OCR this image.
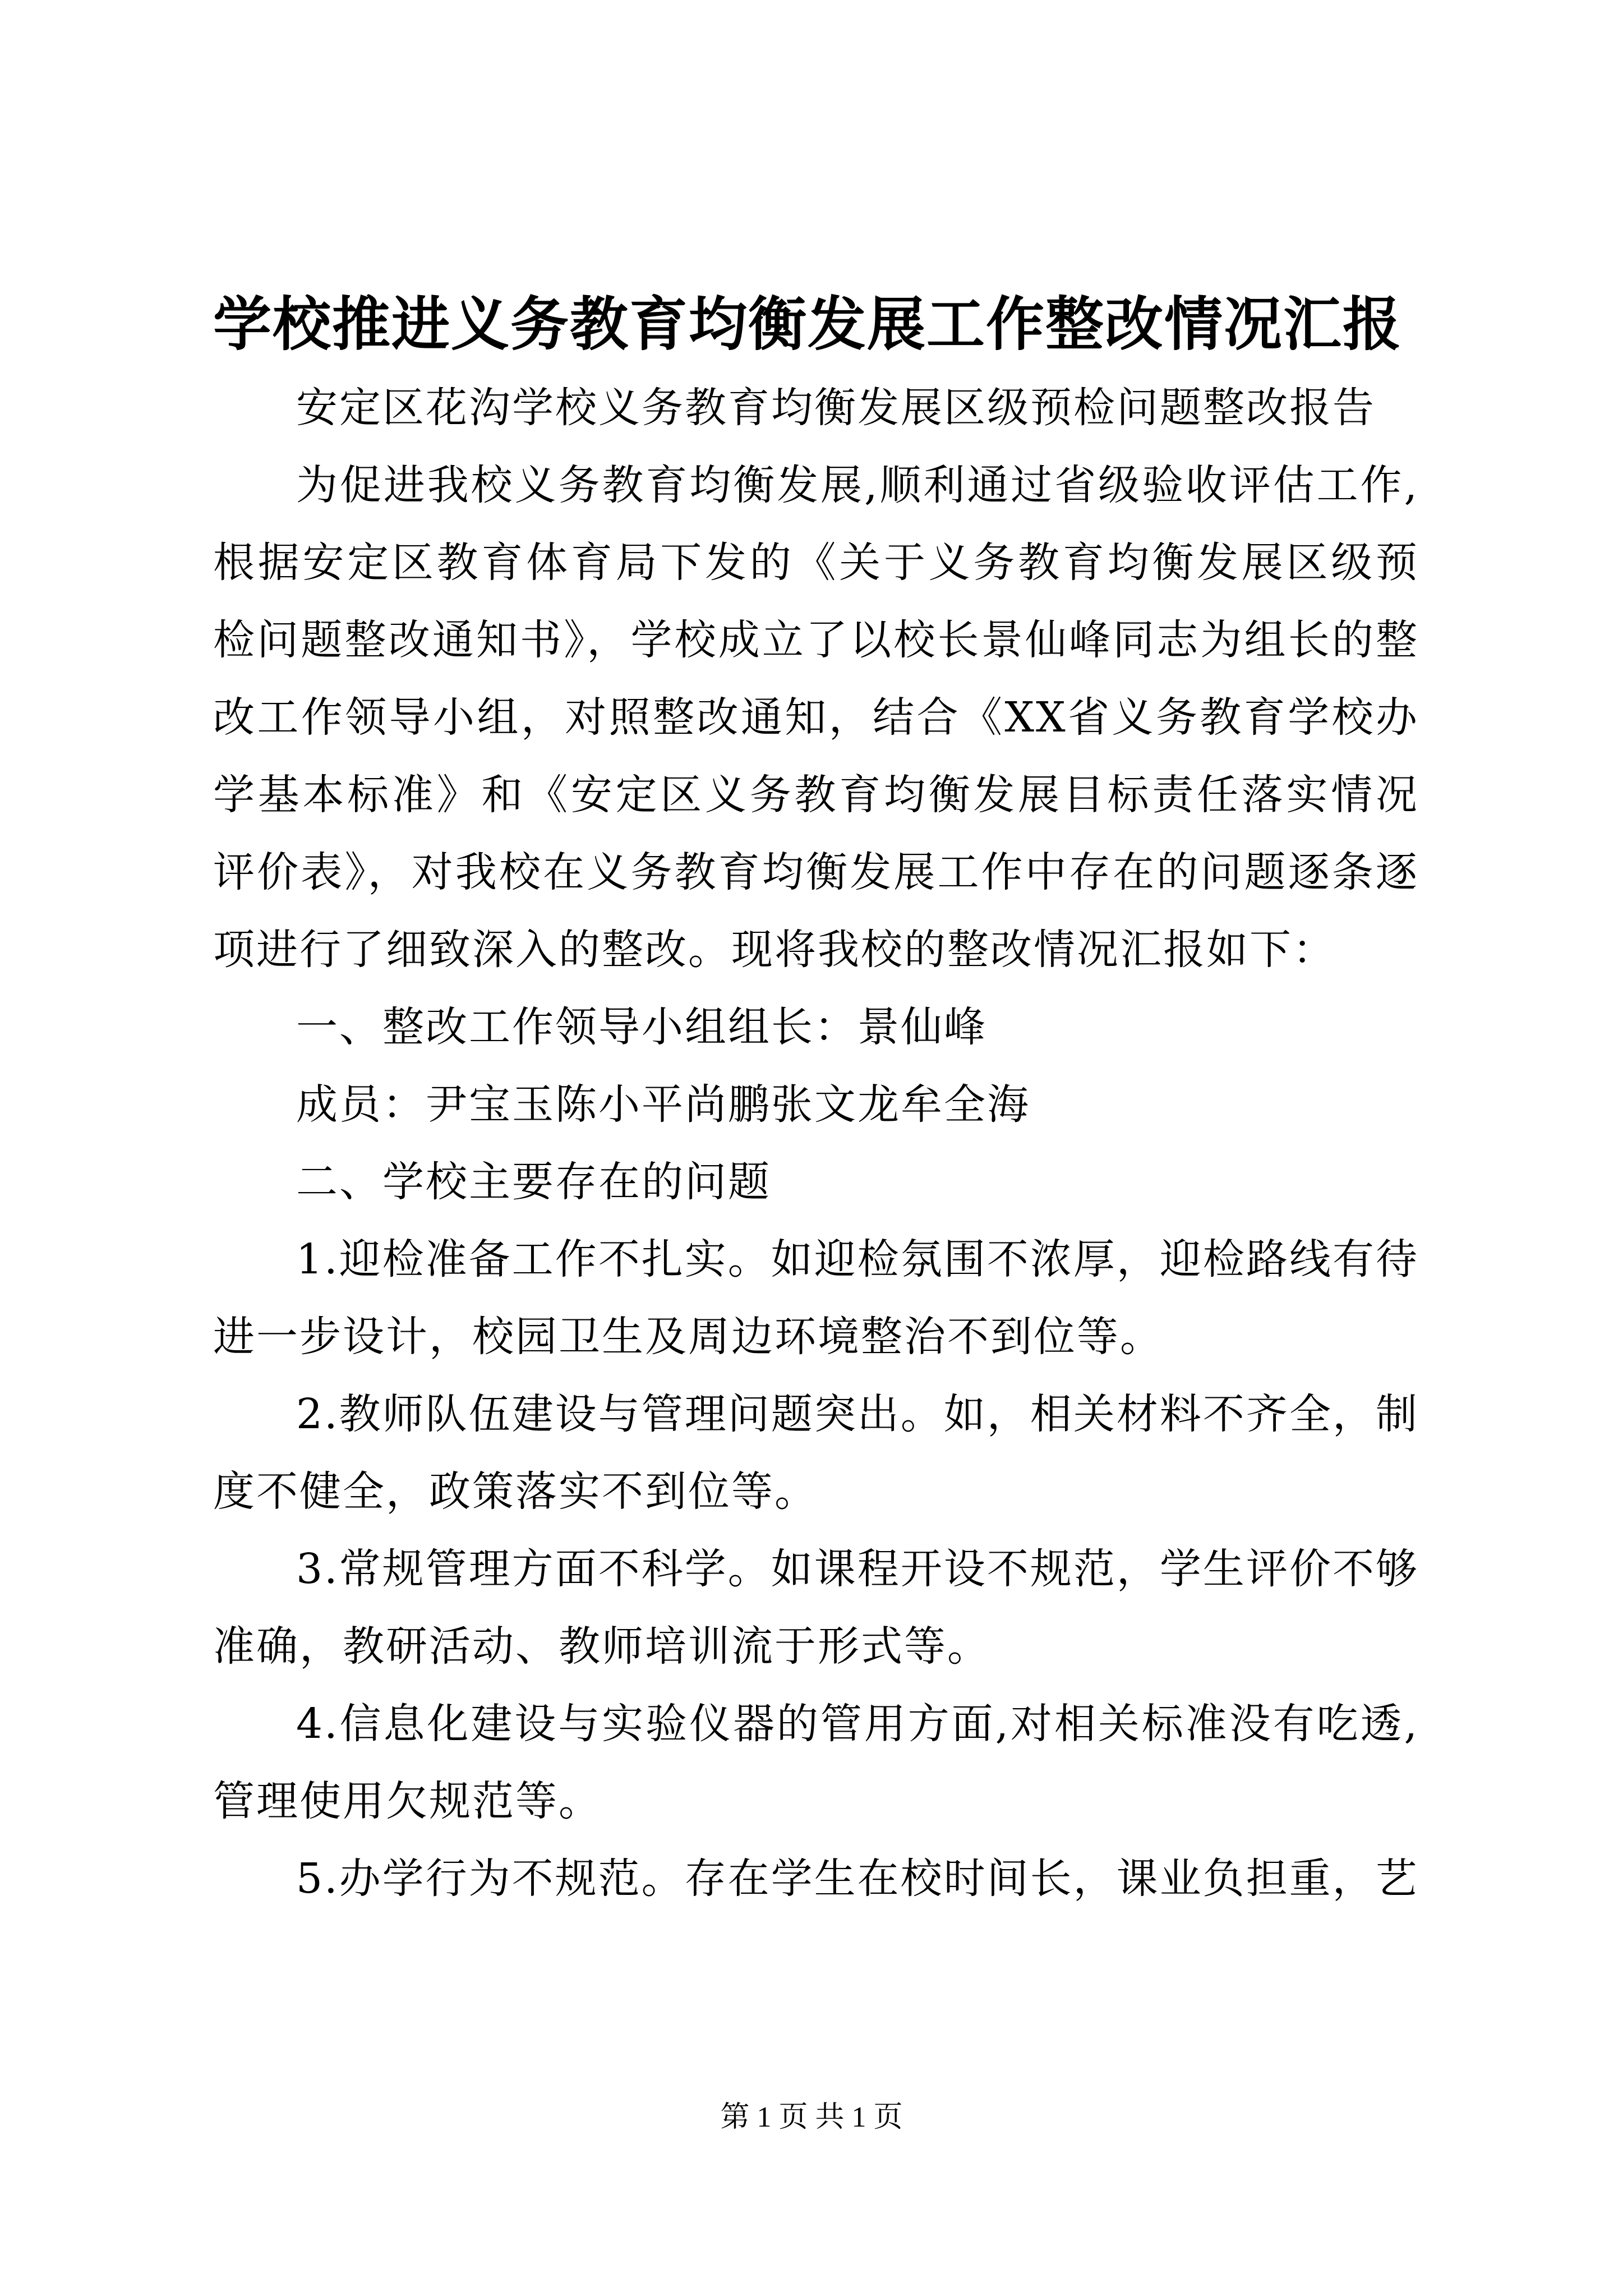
学校推进义务教育均衡发展工作整改情况汇报

安定区花沟学校义务教育均衡发展区级预检问题整改报告

为促进我校义务教育均衡发展,顺利通过省级验收评估工作,根据安定区教育体育局下发的《关于义务教育均衡发展区级预检问题整改通知书》，学校成立了以校长景仙峰同志为组长的整改工作领导小组，对照整改通知，结合《XX省义务教育学校办学基本标准》和《安定区义务教育均衡发展目标责任落实情况评价表》，对我校在义务教育均衡发展工作中存在的问题逐条逐项进行了细致深入的整改。现将我校的整改情况汇报如下：

一、整改工作领导小组组长：景仙峰

成员：尹宝玉陈小平尚鹏张文龙牟全海

二、学校主要存在的问题

1.迎检准备工作不扎实。如迎检氛围不浓厚，迎检路线有待进一步设计，校园卫生及周边环境整治不到位等。

2.教师队伍建设与管理问题突出。如，相关材料不齐全，制度不健全，政策落实不到位等。

3.常规管理方面不科学。如课程开设不规范，学生评价不够准确，教研活动、教师培训流于形式等。

4.信息化建设与实验仪器的管用方面,对相关标准没有吃透,管理使用欠规范等。

5.办学行为不规范。存在学生在校时间长，课业负担重，艺

第 1 页 共 1 页
